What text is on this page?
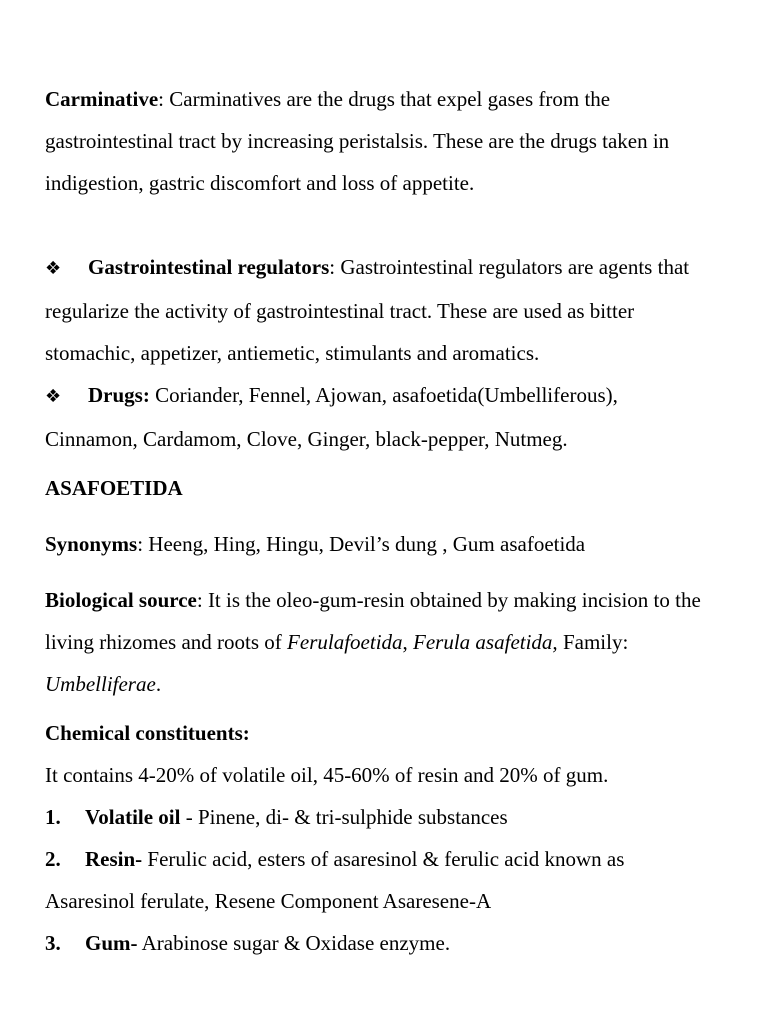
Carminative: Carminatives are the drugs that expel gases from the gastrointestinal tract by increasing peristalsis. These are the drugs taken in indigestion, gastric discomfort and loss of appetite.

❖ Gastrointestinal regulators: Gastrointestinal regulators are agents that regularize the activity of gastrointestinal tract. These are used as bitter stomachic, appetizer, antiemetic, stimulants and aromatics.

❖ Drugs: Coriander, Fennel, Ajowan, asafoetida(Umbelliferous), Cinnamon, Cardamom, Clove, Ginger, black-pepper, Nutmeg.

ASAFOETIDA

Synonyms: Heeng, Hing, Hingu, Devil’s dung , Gum asafoetida

Biological source: It is the oleo-gum-resin obtained by making incision to the living rhizomes and roots of Ferulafoetida, Ferula asafetida, Family: Umbelliferae.

Chemical constituents:

It contains 4-20% of volatile oil, 45-60% of resin and 20% of gum.

1. Volatile oil - Pinene, di- & tri-sulphide substances

2. Resin- Ferulic acid, esters of asaresinol & ferulic acid known as Asaresinol ferulate, Resene Component Asaresene-A

3. Gum- Arabinose sugar & Oxidase enzyme.
